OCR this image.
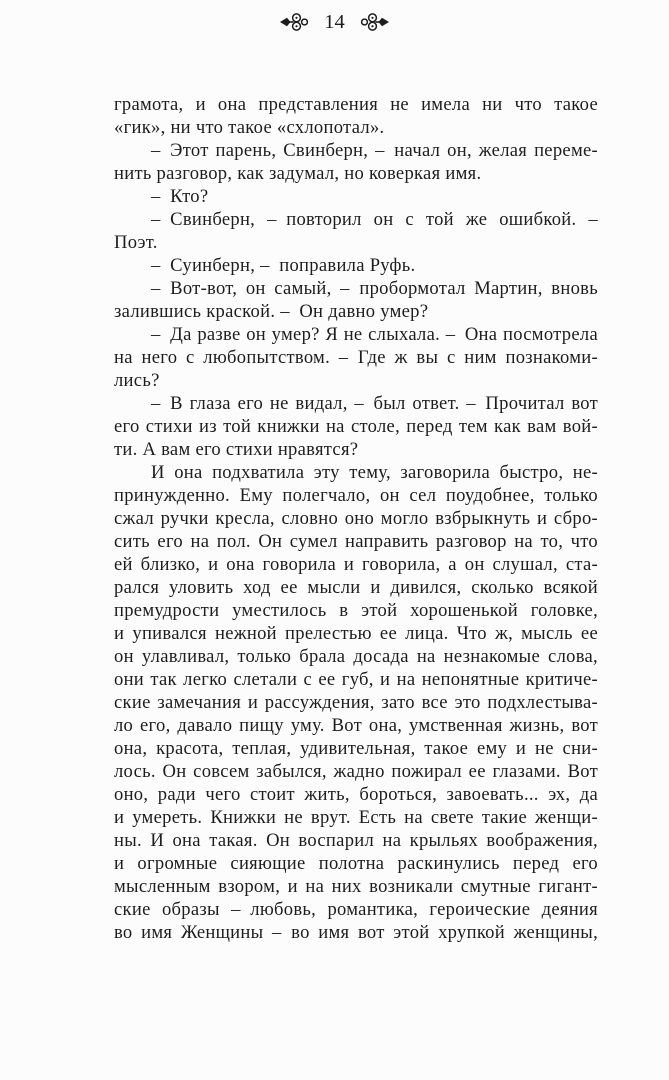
грамота, и она представления не имела ни что такое
«гик», ни что такое «схлопотал».
– Этот парень, Свинберн, – начал он, желая переме-
нить разговор, как задумал, но коверкая имя.
– Кто?
– Свинберн, – повторил он с той же ошибкой. –
Поэт.
– Суинберн, – поправила Руфь.
– Вот-вот, он самый, – пробормотал Мартин, вновь
залившись краской. – Он давно умер?
– Да разве он умер? Я не слыхала. – Она посмотрела
на него с любопытством. – Где ж вы с ним познакоми-
лись?
– В глаза его не видал, – был ответ. – Прочитал вот
его стихи из той книжки на столе, перед тем как вам вой-
ти. А вам его стихи нравятся?
И она подхватила эту тему, заговорила быстро, не-
принужденно. Ему полегчало, он сел поудобнее, только
сжал ручки кресла, словно оно могло взбрыкнуть и сбро-
сить его на пол. Он сумел направить разговор на то, что
ей близко, и она говорила и говорила, а он слушал, ста-
рался уловить ход ее мысли и дивился, сколько всякой
премудрости уместилось в этой хорошенькой головке,
и упивался нежной прелестью ее лица. Что ж, мысль ее
он улавливал, только брала досада на незнакомые слова,
они так легко слетали с ее губ, и на непонятные критиче-
ские замечания и рассуждения, зато все это подхлестыва-
ло его, давало пищу уму. Вот она, умственная жизнь, вот
она, красота, теплая, удивительная, такое ему и не сни-
лось. Он совсем забылся, жадно пожирал ее глазами. Вот
оно, ради чего стоит жить, бороться, завоевать... эх, да
и умереть. Книжки не врут. Есть на свете такие женщи-
ны. И она такая. Он воспарил на крыльях воображения,
и огромные сияющие полотна раскинулись перед его
мысленным взором, и на них возникали смутные гигант-
ские образы – любовь, романтика, героические деяния
во имя Женщины – во имя вот этой хрупкой женщины,
14
